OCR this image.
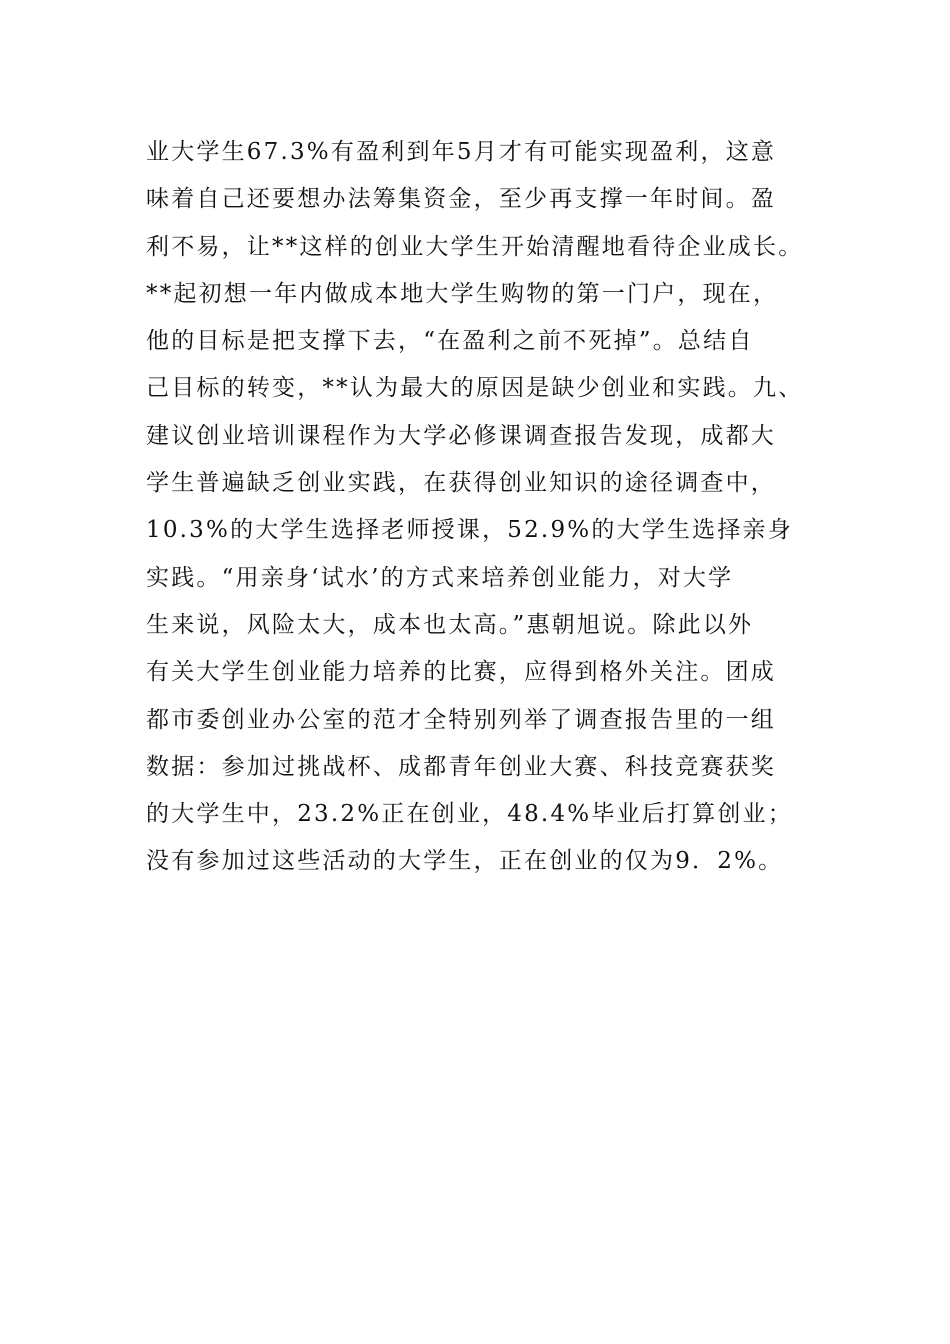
业大学生67.3%有盈利到年5月才有可能实现盈利，这意
味着自己还要想办法筹集资金，至少再支撑一年时间。盈
利不易，让**这样的创业大学生开始清醒地看待企业成长。
**起初想一年内做成本地大学生购物的第一门户，现在，
他的目标是把支撑下去，“在盈利之前不死掉”。总结自
己目标的转变，**认为最大的原因是缺少创业和实践。九、
建议创业培训课程作为大学必修课调查报告发现，成都大
学生普遍缺乏创业实践，在获得创业知识的途径调查中，
10.3%的大学生选择老师授课，52.9%的大学生选择亲身
实践。“用亲身‘试水’的方式来培养创业能力，对大学
生来说，风险太大，成本也太高。”惠朝旭说。除此以外
有关大学生创业能力培养的比赛，应得到格外关注。团成
都市委创业办公室的范才全特别列举了调查报告里的一组
数据：参加过挑战杯、成都青年创业大赛、科技竞赛获奖
的大学生中，23.2%正在创业，48.4%毕业后打算创业；
没有参加过这些活动的大学生，正在创业的仅为9．2%。
